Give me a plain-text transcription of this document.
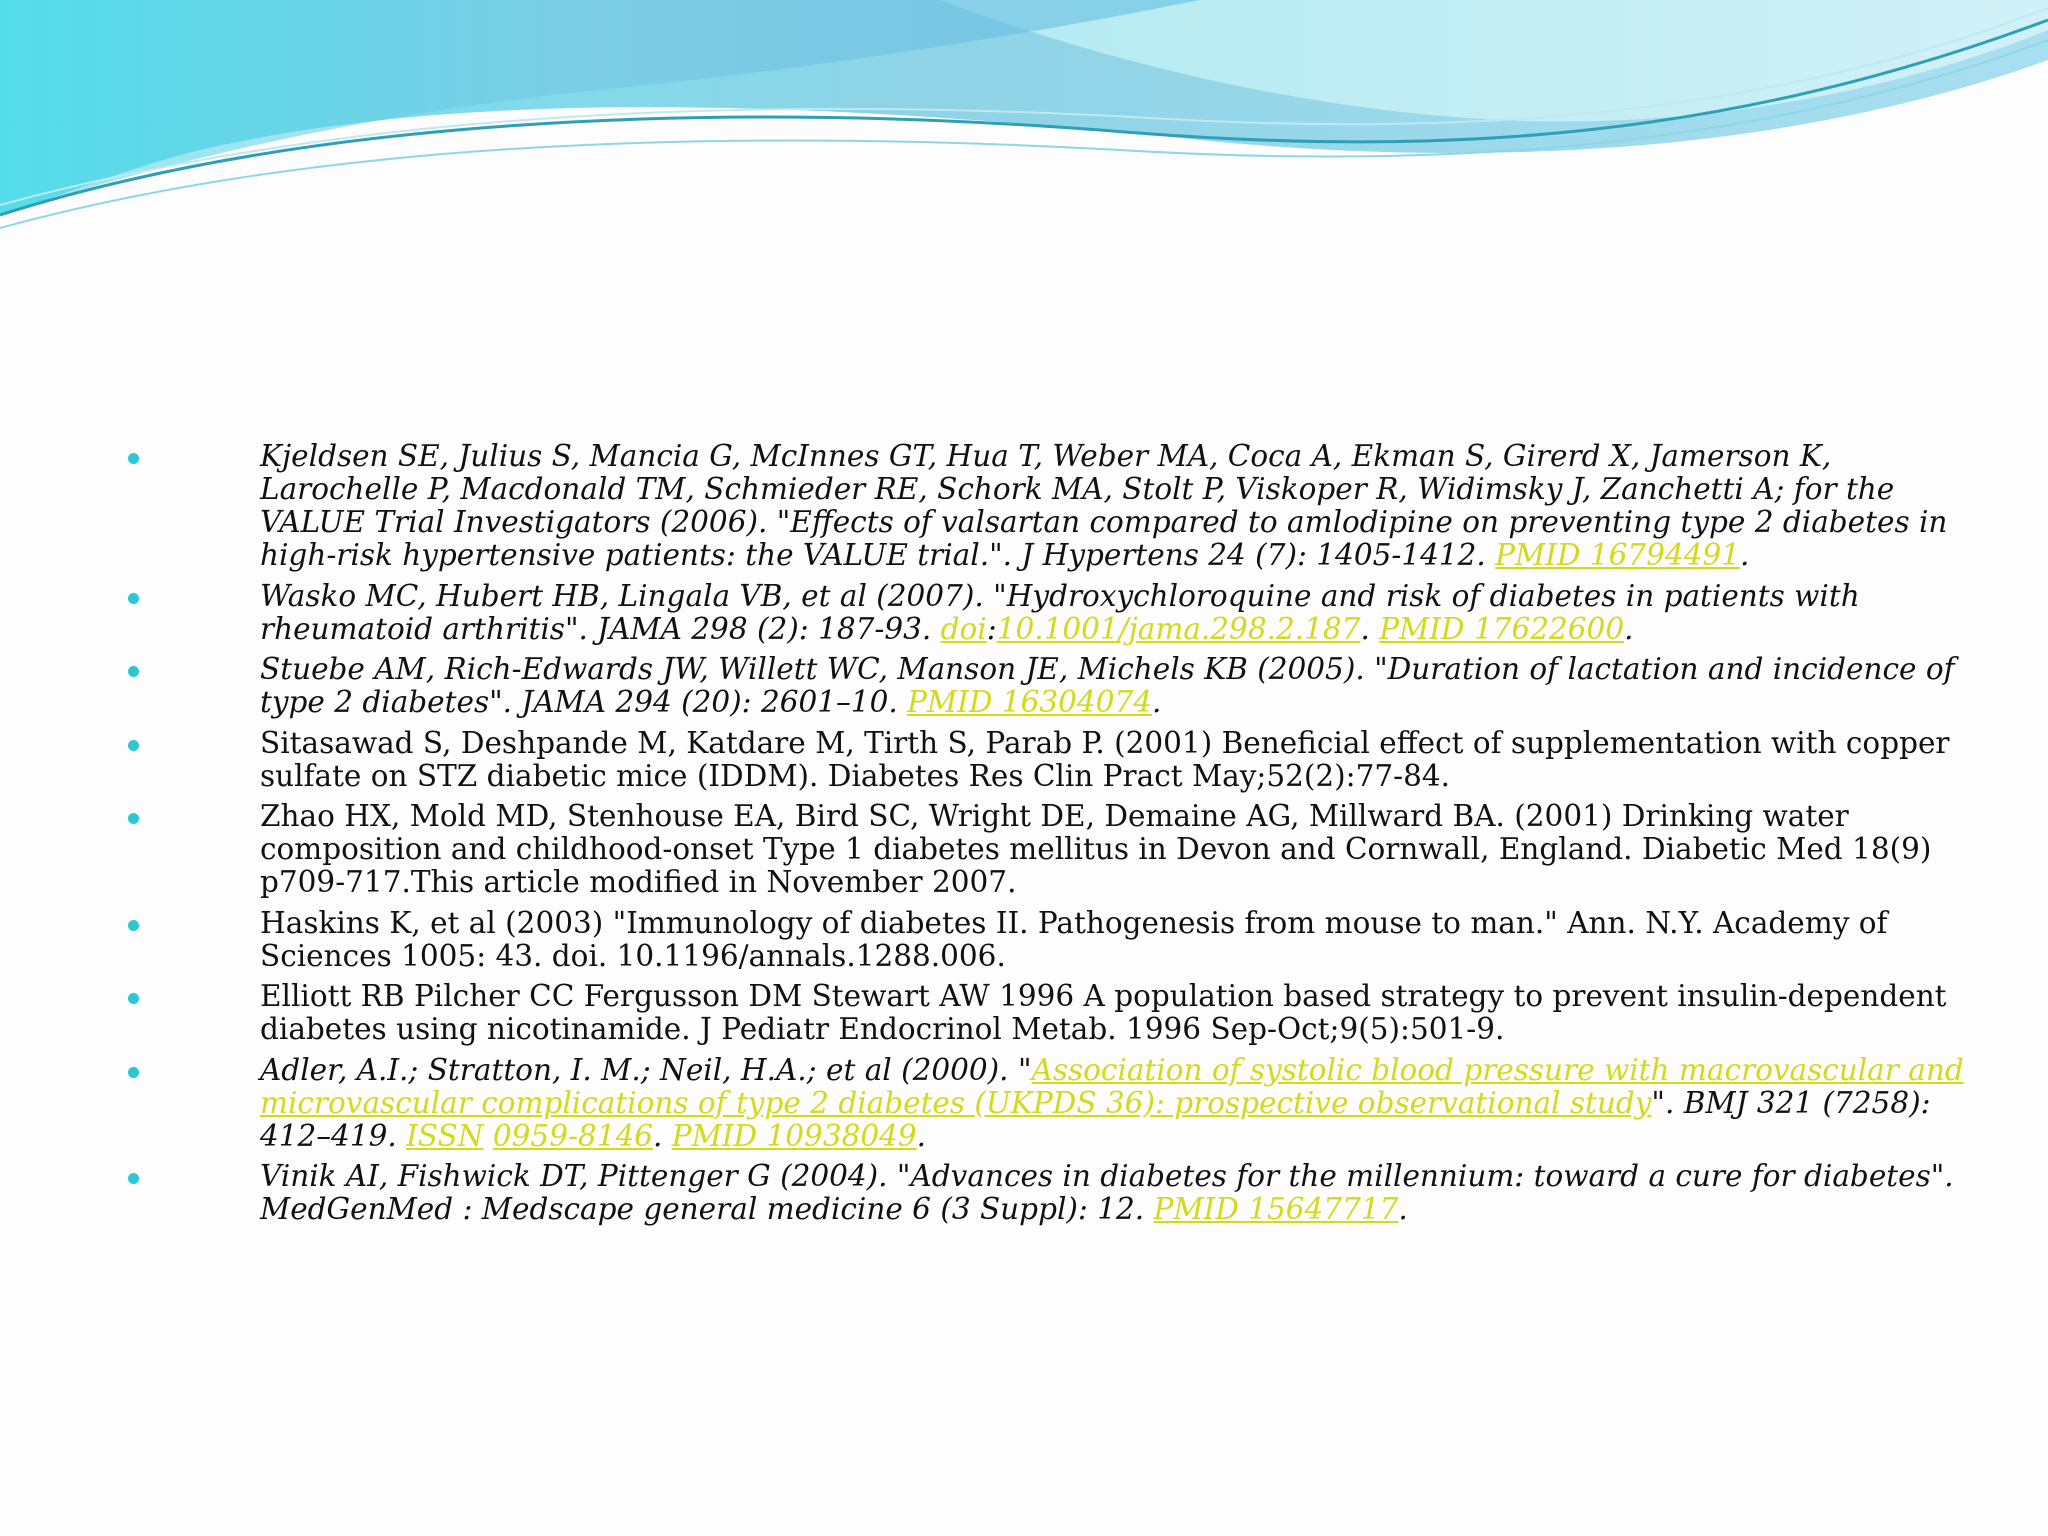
Kjeldsen SE, Julius S, Mancia G, McInnes GT, Hua T, Weber MA, Coca A, Ekman S, Girerd X, Jamerson K, Larochelle P, Macdonald TM, Schmieder RE, Schork MA, Stolt P, Viskoper R, Widimsky J, Zanchetti A; for the VALUE Trial Investigators (2006). "Effects of valsartan compared to amlodipine on preventing type 2 diabetes in high-risk hypertensive patients: the VALUE trial.". J Hypertens 24 (7): 1405-1412. PMID 16794491.
Wasko MC, Hubert HB, Lingala VB, et al (2007). "Hydroxychloroquine and risk of diabetes in patients with rheumatoid arthritis". JAMA 298 (2): 187-93. doi:10.1001/jama.298.2.187. PMID 17622600.
Stuebe AM, Rich-Edwards JW, Willett WC, Manson JE, Michels KB (2005). "Duration of lactation and incidence of type 2 diabetes". JAMA 294 (20): 2601–10. PMID 16304074.
Sitasawad S, Deshpande M, Katdare M, Tirth S, Parab P. (2001) Beneficial effect of supplementation with copper sulfate on STZ diabetic mice (IDDM). Diabetes Res Clin Pract May;52(2):77-84.
Zhao HX, Mold MD, Stenhouse EA, Bird SC, Wright DE, Demaine AG, Millward BA. (2001) Drinking water composition and childhood-onset Type 1 diabetes mellitus in Devon and Cornwall, England. Diabetic Med 18(9) p709-717.This article modified in November 2007.
Haskins K, et al (2003) "Immunology of diabetes II. Pathogenesis from mouse to man." Ann. N.Y. Academy of Sciences 1005: 43. doi. 10.1196/annals.1288.006.
Elliott RB Pilcher CC Fergusson DM Stewart AW 1996 A population based strategy to prevent insulin-dependent diabetes using nicotinamide. J Pediatr Endocrinol Metab. 1996 Sep-Oct;9(5):501-9.
Adler, A.I.; Stratton, I. M.; Neil, H.A.; et al (2000). "Association of systolic blood pressure with macrovascular and microvascular complications of type 2 diabetes (UKPDS 36): prospective observational study". BMJ 321 (7258): 412–419. ISSN 0959-8146. PMID 10938049.
Vinik AI, Fishwick DT, Pittenger G (2004). "Advances in diabetes for the millennium: toward a cure for diabetes". MedGenMed : Medscape general medicine 6 (3 Suppl): 12. PMID 15647717.
